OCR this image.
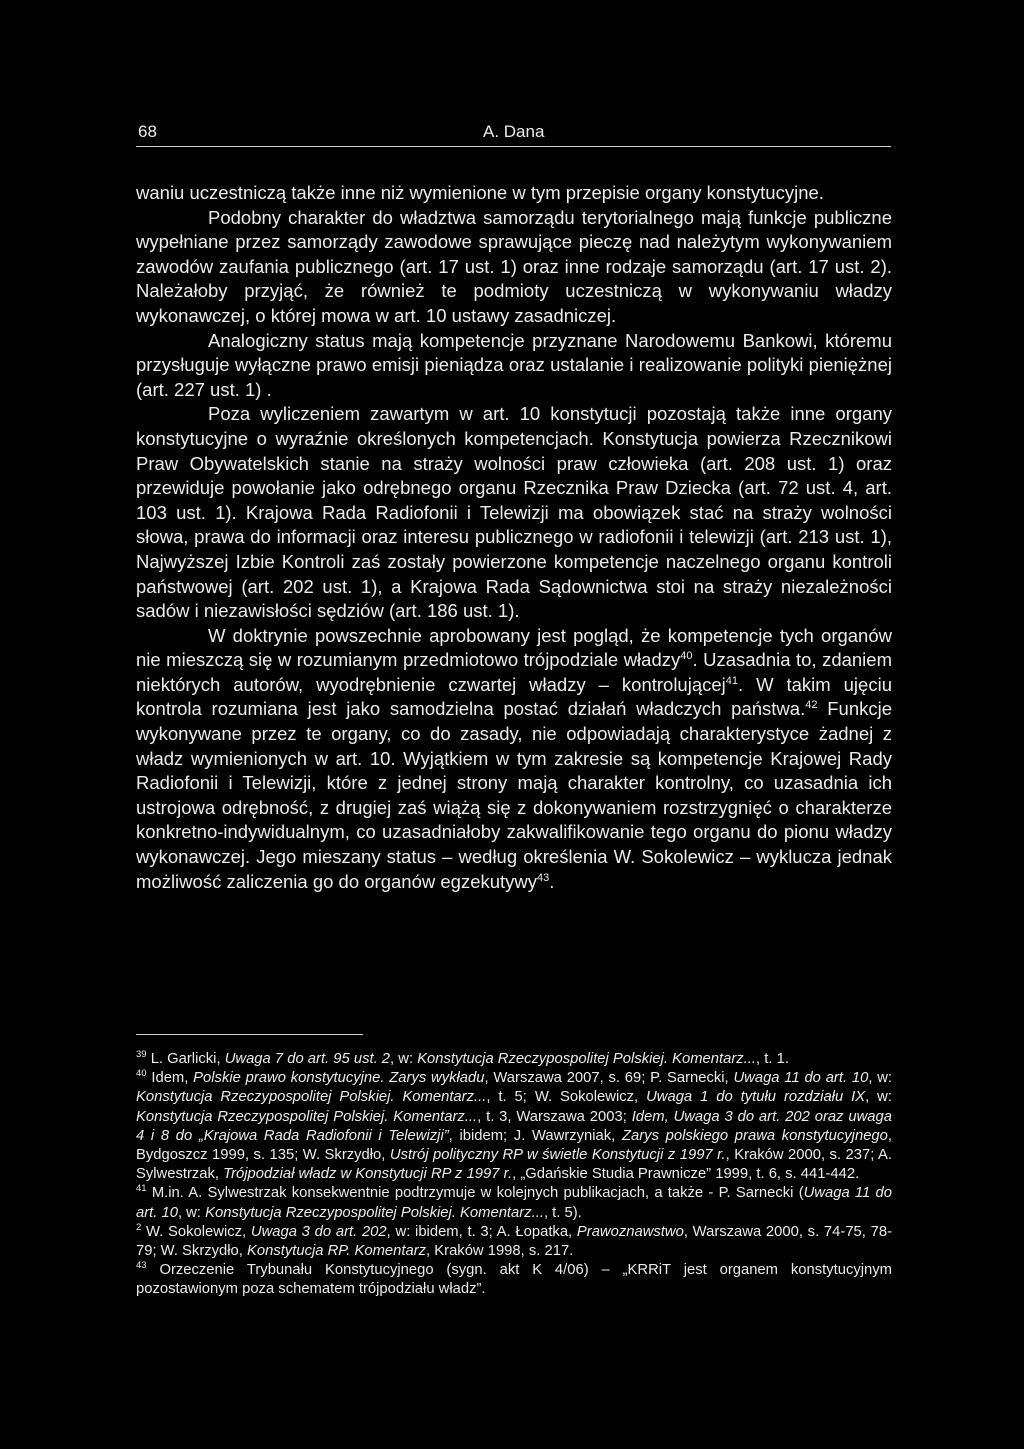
68	A. Dana

waniu uczestniczą także inne niż wymienione w tym przepisie organy konstytucyjne.

Podobny charakter do władztwa samorządu terytorialnego mają funkcje publiczne wypełniane przez samorządy zawodowe sprawujące pieczę nad należytym wykonywaniem zawodów zaufania publicznego (art. 17 ust. 1) oraz inne rodzaje samorządu (art. 17 ust. 2). Należałoby przyjąć, że również te podmioty uczestniczą w wykonywaniu władzy wykonawczej, o której mowa w art. 10 ustawy zasadniczej.

Analogiczny status mają kompetencje przyznane Narodowemu Bankowi, któremu przysługuje wyłączne prawo emisji pieniądza oraz ustalanie i realizowanie polityki pieniężnej (art. 227 ust. 1) .

Poza wyliczeniem zawartym w art. 10 konstytucji pozostają także inne organy konstytucyjne o wyraźnie określonych kompetencjach. Konstytucja powierza Rzecznikowi Praw Obywatelskich stanie na straży wolności praw człowieka (art. 208 ust. 1) oraz przewiduje powołanie jako odrębnego organu Rzecznika Praw Dziecka (art. 72 ust. 4, art. 103 ust. 1). Krajowa Rada Radiofonii i Telewizji ma obowiązek stać na straży wolności słowa, prawa do informacji oraz interesu publicznego w radiofonii i telewizji (art. 213 ust. 1), Najwyższej Izbie Kontroli zaś zostały powierzone kompetencje naczelnego organu kontroli państwowej (art. 202 ust. 1), a Krajowa Rada Sądownictwa stoi na straży niezależności sadów i niezawisłości sędziów (art. 186 ust. 1).

W doktrynie powszechnie aprobowany jest pogląd, że kompetencje tych organów nie mieszczą się w rozumianym przedmiotowo trójpodziale władzy$^{40}$. Uzasadnia to, zdaniem niektórych autorów, wyodrębnienie czwartej władzy – kontrolującej$^{41}$. W takim ujęciu kontrola rozumiana jest jako samodzielna postać działań władczych państwa.$^{42}$ Funkcje wykonywane przez te organy, co do zasady, nie odpowiadają charakterystyce żadnej z władz wymienionych w art. 10. Wyjątkiem w tym zakresie są kompetencje Krajowej Rady Radiofonii i Telewizji, które z jednej strony mają charakter kontrolny, co uzasadnia ich ustrojowa odrębność, z drugiej zaś wiążą się z dokonywaniem rozstrzygnięć o charakterze konkretno-indywidualnym, co uzasadniałoby zakwalifikowanie tego organu do pionu władzy wykonawczej. Jego mieszany status – według określenia W. Sokolewicz – wyklucza jednak możliwość zaliczenia go do organów egzekutywy$^{43}$.

$^{39}$ L. Garlicki, Uwaga 7 do art. 95 ust. 2, w: Konstytucja Rzeczypospolitej Polskiej. Komentarz..., t. 1.

$^{40}$ Idem, Polskie prawo konstytucyjne. Zarys wykładu, Warszawa 2007, s. 69; P. Sarnecki, Uwaga 11 do art. 10, w: Konstytucja Rzeczypospolitej Polskiej. Komentarz..., t. 5; W. Sokolewicz, Uwaga 1 do tytułu rozdziału IX, w: Konstytucja Rzeczypospolitej Polskiej. Komentarz..., t. 3, Warszawa 2003; Idem, Uwaga 3 do art. 202 oraz uwaga 4 i 8 do „Krajowa Rada Radiofonii i Telewizji”, ibidem; J. Wawrzyniak, Zarys polskiego prawa konstytucyjnego, Bydgoszcz 1999, s. 135; W. Skrzydło, Ustrój polityczny RP w świetle Konstytucji z 1997 r., Kraków 2000, s. 237; A. Sylwestrzak, Trójpodział władz w Konstytucji RP z 1997 r., „Gdańskie Studia Prawnicze” 1999, t. 6, s. 441-442.

$^{41}$ M.in. A. Sylwestrzak konsekwentnie podtrzymuje w kolejnych publikacjach, a także - P. Sarnecki (Uwaga 11 do art. 10, w: Konstytucja Rzeczypospolitej Polskiej. Komentarz..., t. 5).

$^2$ W. Sokolewicz, Uwaga 3 do art. 202, w: ibidem, t. 3; A. Łopatka, Prawoznawstwo, Warszawa 2000, s. 74-75, 78-79; W. Skrzydło, Konstytucja RP. Komentarz, Kraków 1998, s. 217.

$^{43}$ Orzeczenie Trybunału Konstytucyjnego (sygn. akt K 4/06) – „KRRiT jest organem konstytucyjnym pozostawionym poza schematem trójpodziału władz”.
